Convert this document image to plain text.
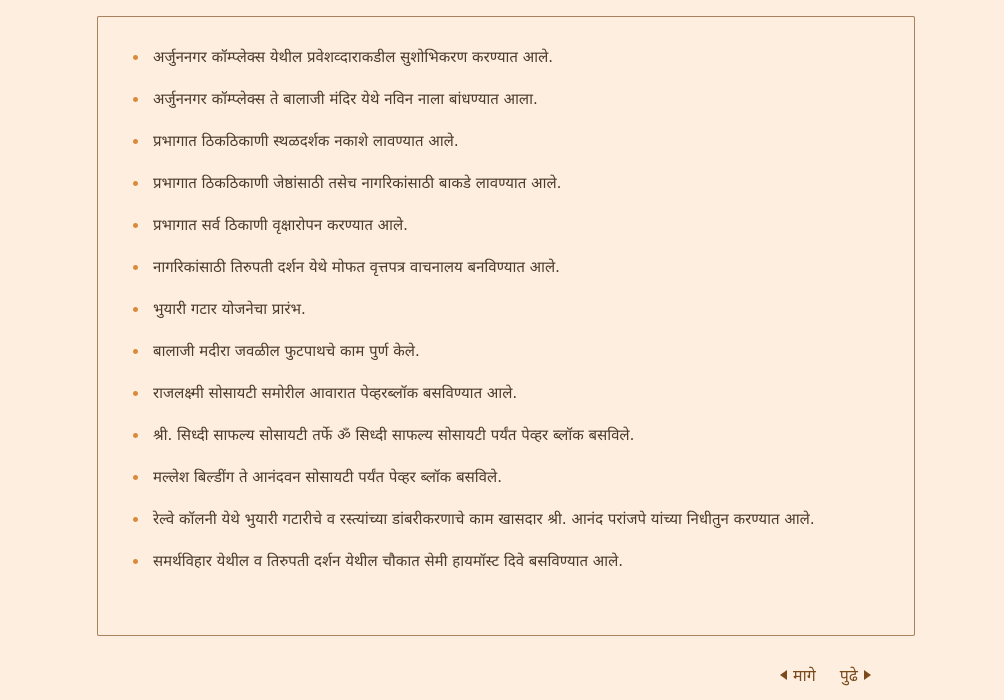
अर्जुननगर कॉम्प्लेक्स येथील प्रवेशव्दाराकडील सुशोभिकरण करण्यात आले.
अर्जुननगर कॉम्प्लेक्स ते बालाजी मंदिर येथे नविन नाला बांधण्यात आला.
प्रभागात ठिकठिकाणी स्थळदर्शक नकाशे लावण्यात आले.
प्रभागात ठिकठिकाणी जेष्ठांसाठी तसेच नागरिकांसाठी बाकडे लावण्यात आले.
प्रभागात सर्व ठिकाणी वृक्षारोपन करण्यात आले.
नागरिकांसाठी तिरुपती दर्शन येथे मोफत वृत्तपत्र वाचनालय बनविण्यात आले.
भुयारी गटार योजनेचा प्रारंभ.
बालाजी मदीरा जवळील फुटपाथचे काम पुर्ण केले.
राजलक्ष्मी सोसायटी समोरील आवारात पेव्हरब्लॉक बसविण्यात आले.
श्री. सिध्दी साफल्य सोसायटी तर्फे ॐ सिध्दी साफल्य सोसायटी पर्यंत पेव्हर ब्लॉक बसविले.
मल्लेश बिल्डींग ते आनंदवन सोसायटी पर्यंत पेव्हर ब्लॉक बसविले.
रेल्वे कॉलनी येथे भुयारी गटारीचे व रस्त्यांच्या डांबरीकरणाचे काम खासदार श्री. आनंद परांजपे यांच्या निधीतुन करण्यात आले.
समर्थविहार येथील व तिरुपती दर्शन येथील चौकात सेमी हायमॉस्ट दिवे बसविण्यात आले.
मागे पुढे
